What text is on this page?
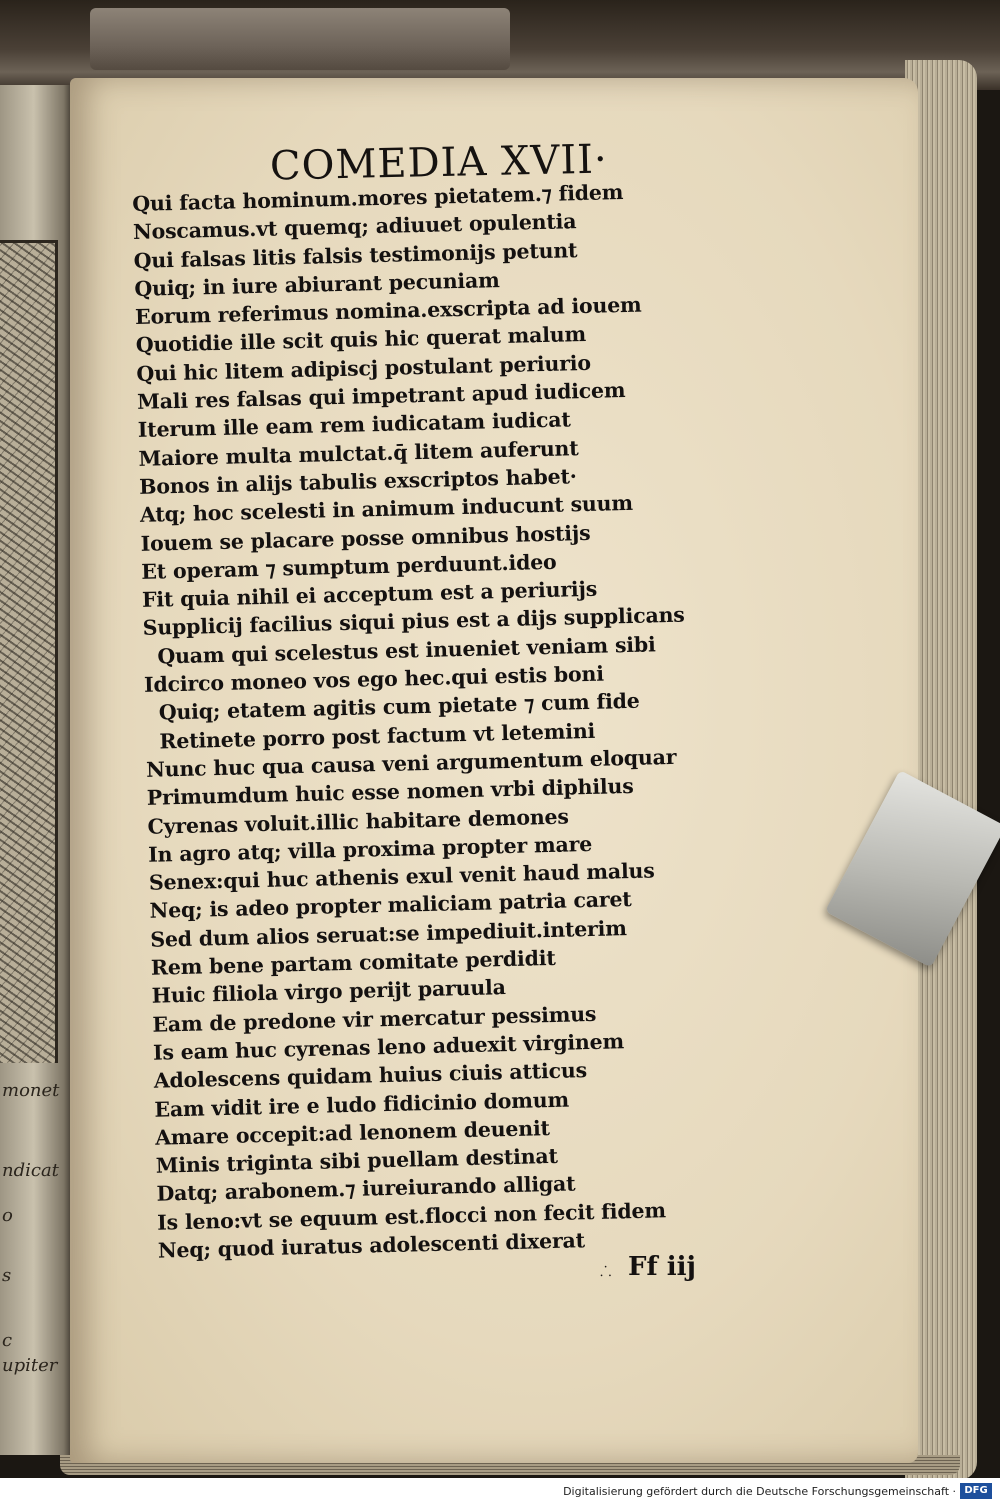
monet
ndicat
o
s
c
upiter
COMEDIA XVII·
Qui facta hominum.mores pietatem.⁊ fidem
Noscamus.vt quemq; adiuuet opulentia
Qui falsas litis falsis testimonijs petunt
Quiq; in iure abiurant pecuniam
Eorum referimus nomina.exscripta ad iouem
Quotidie ille scit quis hic querat malum
Qui hic litem adipiscj postulant periurio
Mali res falsas qui impetrant apud iudicem
Iterum ille eam rem iudicatam iudicat
Maiore multa mulctat.q̄ litem auferunt
Bonos in alijs tabulis exscriptos habet·
Atq; hoc scelesti in animum inducunt suum
Iouem se placare posse omnibus hostijs
Et operam ⁊ sumptum perduunt.ideo
Fit quia nihil ei acceptum est a periurijs
Supplicij facilius siqui pius est a dijs supplicans
Quam qui scelestus est inueniet veniam sibi
Idcirco moneo vos ego hec.qui estis boni
Quiq; etatem agitis cum pietate ⁊ cum fide
Retinete porro post factum vt letemini
Nunc huc qua causa veni argumentum eloquar
Primumdum huic esse nomen vrbi diphilus
Cyrenas voluit.illic habitare demones
In agro atq; villa proxima propter mare
Senex:qui huc athenis exul venit haud malus
Neq; is adeo propter maliciam patria caret
Sed dum alios seruat:se impediuit.interim
Rem bene partam comitate perdidit
Huic filiola virgo perijt paruula
Eam de predone vir mercatur pessimus
Is eam huc cyrenas leno aduexit virginem
Adolescens quidam huius ciuis atticus
Eam vidit ire e ludo fidicinio domum
Amare occepit:ad lenonem deuenit
Minis triginta sibi puellam destinat
Datq; arabonem.⁊ iureiurando alligat
Is leno:vt se equum est.flocci non fecit fidem
Neq; quod iuratus adolescenti dixerat
⸫ Ff iij
Digitalisierung gefördert durch die Deutsche Forschungsgemeinschaft · DFG
